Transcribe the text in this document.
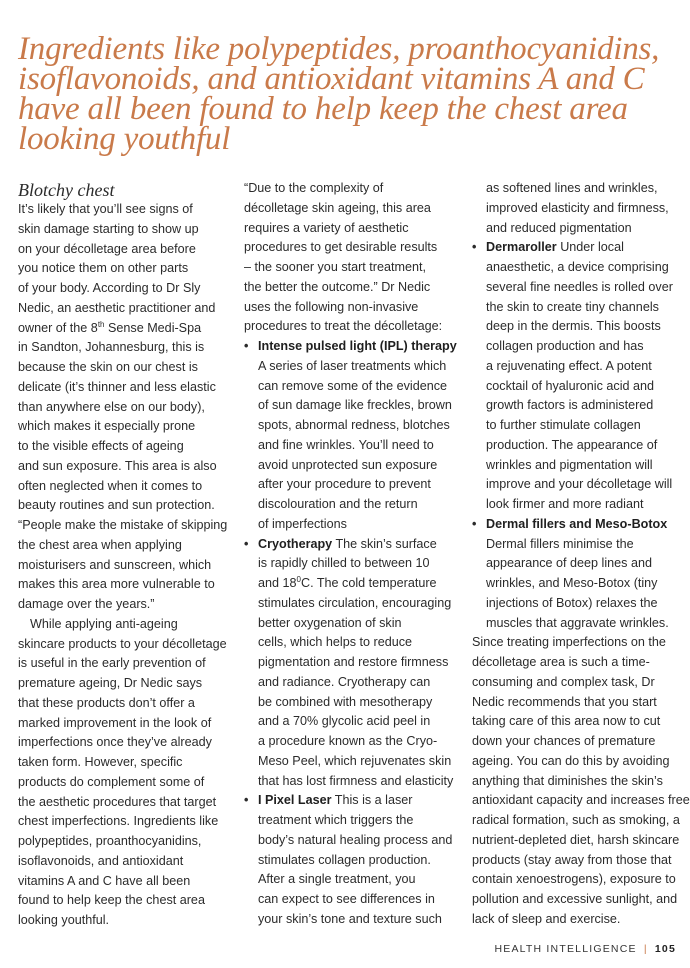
Ingredients like polypeptides, proanthocyanidins,
isoflavonoids, and antioxidant vitamins A and C
have all been found to help keep the chest area
looking youthful
Blotchy chest
It’s likely that you’ll see signs of
skin damage starting to show up
on your décolletage area before
you notice them on other parts
of your body. According to Dr Sly
Nedic, an aesthetic practitioner and
owner of the 8th Sense Medi-Spa
in Sandton, Johannesburg, this is
because the skin on our chest is
delicate (it’s thinner and less elastic
than anywhere else on our body),
which makes it especially prone
to the visible effects of ageing
and sun exposure. This area is also
often neglected when it comes to
beauty routines and sun protection.
“People make the mistake of skipping
the chest area when applying
moisturisers and sunscreen, which
makes this area more vulnerable to
damage over the years.”
While applying anti-ageing
skincare products to your décolletage
is useful in the early prevention of
premature ageing, Dr Nedic says
that these products don’t offer a
marked improvement in the look of
imperfections once they’ve already
taken form. However, specific
products do complement some of
the aesthetic procedures that target
chest imperfections. Ingredients like
polypeptides, proanthocyanidins,
isoflavonoids, and antioxidant
vitamins A and C have all been
found to help keep the chest area
looking youthful.
“Due to the complexity of
décolletage skin ageing, this area
requires a variety of aesthetic
procedures to get desirable results
– the sooner you start treatment,
the better the outcome.” Dr Nedic
uses the following non-invasive
procedures to treat the décolletage:
• Intense pulsed light (IPL) therapy
A series of laser treatments which
can remove some of the evidence
of sun damage like freckles, brown
spots, abnormal redness, blotches
and fine wrinkles. You’ll need to
avoid unprotected sun exposure
after your procedure to prevent
discolouration and the return
of imperfections
• Cryotherapy The skin’s surface
is rapidly chilled to between 10
and $18^0C$. The cold temperature
stimulates circulation, encouraging
better oxygenation of skin
cells, which helps to reduce
pigmentation and restore firmness
and radiance. Cryotherapy can
be combined with mesotherapy
and a 70% glycolic acid peel in
a procedure known as the Cryo-
Meso Peel, which rejuvenates skin
that has lost firmness and elasticity
• I Pixel Laser This is a laser
treatment which triggers the
body’s natural healing process and
stimulates collagen production.
After a single treatment, you
can expect to see differences in
your skin’s tone and texture such
as softened lines and wrinkles,
improved elasticity and firmness,
and reduced pigmentation
• Dermaroller Under local
anaesthetic, a device comprising
several fine needles is rolled over
the skin to create tiny channels
deep in the dermis. This boosts
collagen production and has
a rejuvenating effect. A potent
cocktail of hyaluronic acid and
growth factors is administered
to further stimulate collagen
production. The appearance of
wrinkles and pigmentation will
improve and your décolletage will
look firmer and more radiant
• Dermal fillers and Meso-Botox
Dermal fillers minimise the
appearance of deep lines and
wrinkles, and Meso-Botox (tiny
injections of Botox) relaxes the
muscles that aggravate wrinkles.
Since treating imperfections on the
décolletage area is such a time-
consuming and complex task, Dr
Nedic recommends that you start
taking care of this area now to cut
down your chances of premature
ageing. You can do this by avoiding
anything that diminishes the skin’s
antioxidant capacity and increases free
radical formation, such as smoking, a
nutrient-depleted diet, harsh skincare
products (stay away from those that
contain xenoestrogens), exposure to
pollution and excessive sunlight, and
lack of sleep and exercise.
HEALTH INTELLIGENCE | 105
